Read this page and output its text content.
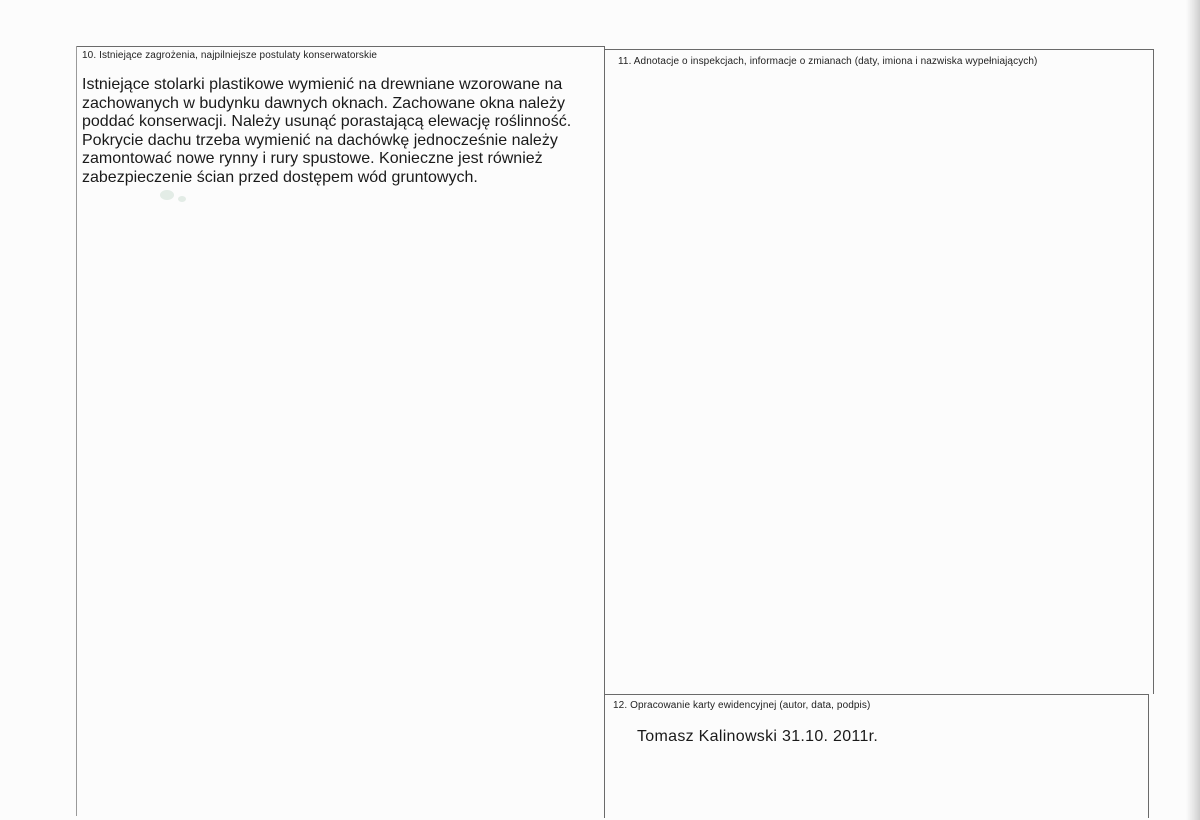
10. Istniejące zagrożenia, najpilniejsze postulaty konserwatorskie

Istniejące stolarki plastikowe wymienić na drewniane wzorowane na

zachowanych w budynku dawnych oknach. Zachowane okna należy

poddać konserwacji. Należy usunąć porastającą elewację roślinność.

Pokrycie dachu trzeba wymienić na dachówkę jednocześnie należy

zamontować nowe rynny i rury spustowe. Konieczne jest również

zabezpieczenie ścian przed dostępem wód gruntowych.

11. Adnotacje o inspekcjach, informacje o zmianach (daty, imiona i nazwiska wypełniających)
12. Opracowanie karty ewidencyjnej (autor, data, podpis)
Tomasz Kalinowski 31.10. 2011r.
